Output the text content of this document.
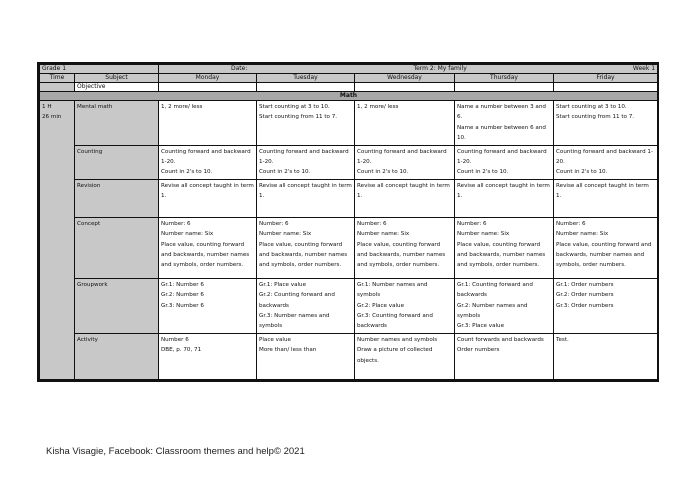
Grade 1		Date: Term 2: My family Week 1				

Time	Subject	Monday	Tuesday	Wednesday	Thursday	Friday
	Objective					
Math						

1 H
26 min	Mental math	1, 2 more/ less	Start counting at 3 to 10.
Start counting from 11 to 7.	1, 2 more/ less	Name a number between 3 and 6.
Name a number between 6 and 10.	Start counting at 3 to 10.
Start counting from 11 to 7.

	Counting	Counting forward and backward 1-20.
Count in 2's to 10.	Counting forward and backward 1-20.
Count in 2's to 10.	Counting forward and backward 1-20.
Count in 2's to 10.	Counting forward and backward 1-20.
Count in 2's to 10.	Counting forward and backward 1-20.
Count in 2's to 10.

	Revision	Revise all concept taught in term 1.	Revise all concept taught in term 1.	Revise all concept taught in term 1.	Revise all concept taught in term 1.	Revise all concept taught in term 1.

	Concept	Number: 6
Number name: Six
Place value, counting forward and backwards, number names and symbols, order numbers.	Number: 6
Number name: Six
Place value, counting forward and backwards, number names and symbols, order numbers.	Number: 6
Number name: Six
Place value, counting forward and backwards, number names and symbols, order numbers.	Number: 6
Number name: Six
Place value, counting forward and backwards, number names and symbols, order numbers.	Number: 6
Number name: Six
Place value, counting forward and backwards, number names and symbols, order numbers.

	Groupwork	Gr.1: Number 6
Gr.2: Number 6
Gr.3: Number 6	Gr.1: Place value
Gr.2: Counting forward and backwards
Gr.3: Number names and symbols	Gr.1: Number names and symbols
Gr.2: Place value
Gr.3: Counting forward and backwards	Gr.1: Counting forward and backwards
Gr.2: Number names and symbols
Gr.3: Place value	Gr.1: Order numbers
Gr.2: Order numbers
Gr.3: Order numbers

	Activity	Number 6
DBE, p. 70, 71	Place value
More than/ less than	Number names and symbols
Draw a picture of collected objects.	Count forwards and backwards
Order numbers	Test.
Kisha Visagie, Facebook: Classroom themes and help© 2021
